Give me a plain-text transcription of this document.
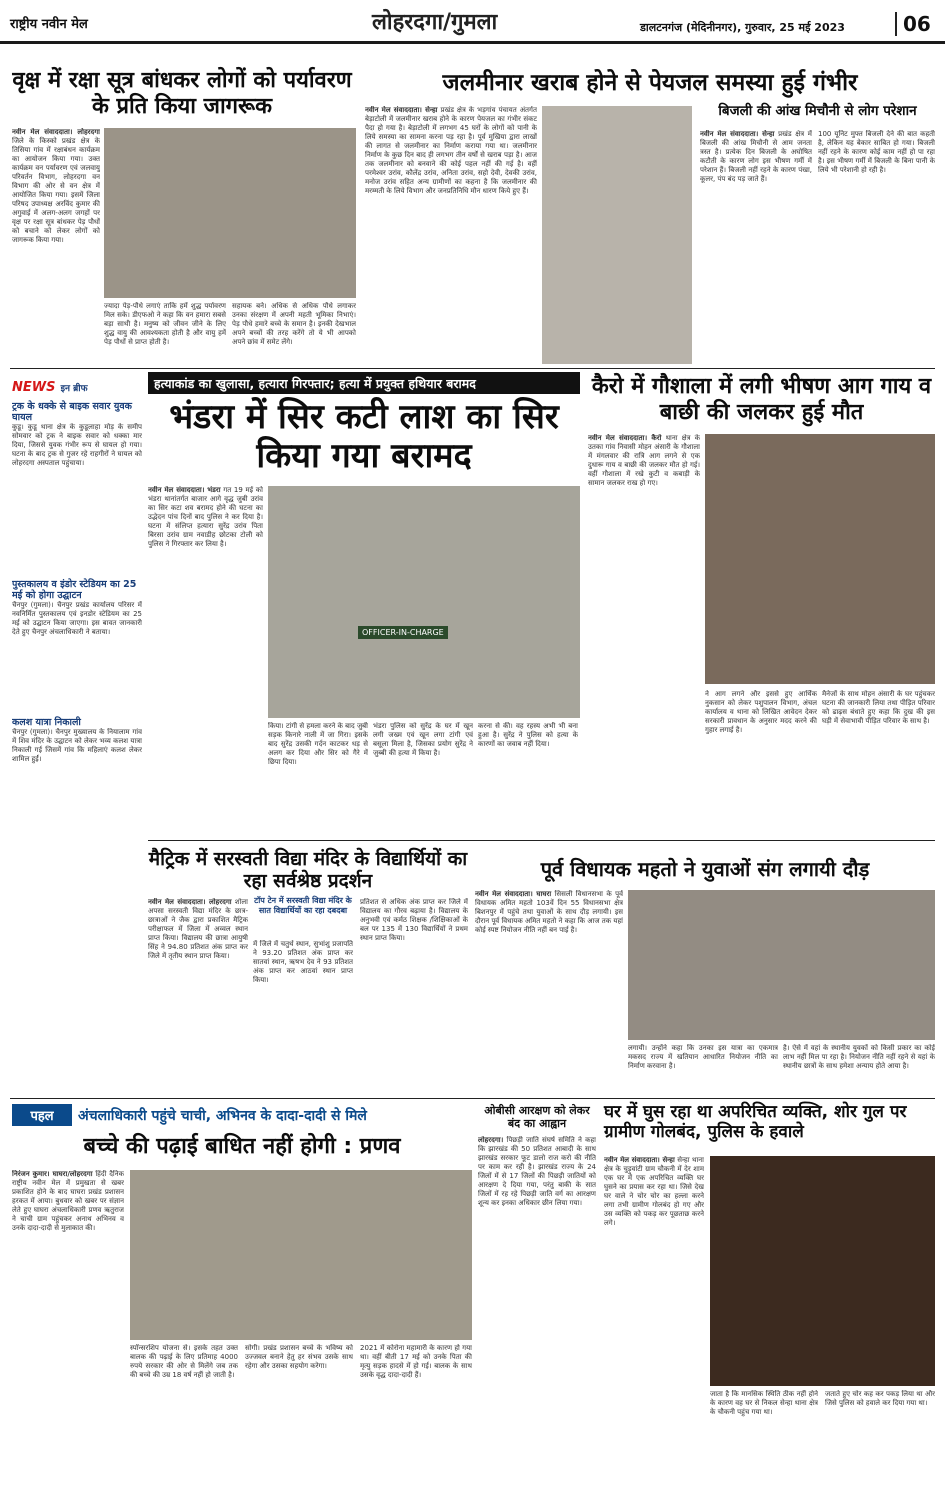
राष्ट्रीय नवीन मेल	लोहरदगा/गुमला	डालटनगंज (मेदिनीनगर), गुरुवार, 25 मई 2023	06
वृक्ष में रक्षा सूत्र बांधकर लोगों को पर्यावरण के प्रति किया जागरूक
नवीन मेल संवाददाता। लोहरदगा जिले के किस्को प्रखंड क्षेत्र के तिसिया गांव में रक्षाबंधन कार्यक्रम का आयोजन किया गया। उक्त कार्यक्रम वन पर्यावरण एवं जलवायु परिवर्तन विभाग, लोहरदगा वन विभाग की ओर से वन क्षेत्र में आयोजित किया गया। इसमें जिला परिषद उपाध्यक्ष अरविंद कुमार की अगुवाई में अलग-अलग जगहों पर वृक्ष पर रक्षा सूत्र बांधकर पेड़ पौधों को बचाने को लेकर लोगों को जागरूक किया गया।
ज्यादा पेड़-पौधे लगाएं ताकि हमें शुद्ध पर्यावरण मिल सके। डीएफओ ने कहा कि वन हमारा सबसे बड़ा साथी है। मनुष्य को जीवन जीने के लिए शुद्ध वायु की आवश्यकता होती है और वायु हमें पेड़ पौधों से प्राप्त होती है।
सहायक बने। अधिक से अधिक पौधे लगाकर उनका संरक्षण में अपनी महती भूमिका निभाएं। पेड़ पौधे हमारे बच्चे के समान है। इनकी देखभाल अपने बच्चों की तरह करेंगे तो ये भी आपको अपने छांव में समेट लेंगे।
जलमीनार खराब होने से पेयजल समस्या हुई गंभीर
नवीन मेल संवाददाता। सेन्हा प्रखंड क्षेत्र के भड़गांव पंचायत अंतर्गत बेड़ाटोली में जलमीनार खराब होने के कारण पेयजल का गंभीर संकट पैदा हो गया है। बेड़ाटोली में लगभग 45 घरों के लोगों को पानी के लिये समस्या का सामना करना पड़ रहा है। पूर्व मुखिया द्वारा लाखों की लागत से जलमीनार का निर्माण कराया गया था। जलमीनार निर्माण के कुछ दिन बाद ही लगभग तीन वर्षों से खराब पड़ा है। आज तक जलमीनार को बनवाने की कोई पहल नहीं की गई है। वहीं परमेश्वर उरांव, कौलेंद्र उरांव, अनिता उरांव, सहो देवी, देवकी उरांव, मनोज उरांव सहित अन्य ग्रामीणों का कहना है कि जलमीनार की मरम्मती के लिये विभाग और जनप्रतिनिधि मौन धारण किये हुए हैं।
बिजली की आंख मिचौनी से लोग परेशान
नवीन मेल संवाददाता। सेन्हा प्रखंड क्षेत्र में बिजली की आंख मिचौनी से आम जनता त्रस्त है। प्रत्येक दिन बिजली के अघोषित कटौती के कारण लोग इस भीषण गर्मी में परेशान हैं। बिजली नहीं रहने के कारण पंखा, कूलर, पंप बंद पड़ जाते हैं।
100 यूनिट मुफ्त बिजली देने की बात कहती है, लेकिन यह बेकार साबित हो गया। बिजली नहीं रहने के कारण कोई काम नहीं हो पा रहा है। इस भीषण गर्मी में बिजली के बिना पानी के लिये भी परेशानी हो रही है।
NEWS इन ब्रीफ
ट्रक के धक्के से बाइक सवार युवक घायल
कुडू। कुडू थाना क्षेत्र के कुडूलाहा मोड़ के समीप सोमवार को ट्रक ने बाइक सवार को धक्का मार दिया, जिससे युवक गंभीर रूप से घायल हो गया। घटना के बाद ट्रक से गुजर रहे राहगीरों ने घायल को लोहरदगा अस्पताल पहुंचाया।
पुस्तकालय व इंडोर स्टेडियम का 25 मई को होगा उद्घाटन
चैनपुर (गुमला)। चैनपुर प्रखंड कार्यालय परिसर में नवनिर्मित पुस्तकालय एवं इनडोर स्टेडियम का 25 मई को उद्घाटन किया जाएगा। इस बावत जानकारी देते हुए चैनपुर अंचलाधिकारी ने बताया।
कलश यात्रा निकाली
चैनपुर (गुमला)। चैनपुर मुख्यालय के नियालाम गांव में शिव मंदिर के उद्घाटन को लेकर भव्य कलश यात्रा निकाली गई जिसमें गांव कि महिलाएं कलश लेकर शामिल हुईं।
हत्याकांड का खुलासा, हत्यारा गिरफ्तार; हत्या में प्रयुक्त हथियार बरामद
भंडरा में सिर कटी लाश का सिर किया गया बरामद
नवीन मेल संवाददाता। भंडरा गत 19 मई को भंडरा थानांतर्गत बाजार आगे वृद्ध जुबी उरांव का सिर कटा शव बरामद होने की घटना का उद्भेदन पांच दिनों बाद पुलिस ने कर दिया है। घटना में संलिप्त हत्यारा सुरेंद्र उरांव पिता बिरसा उरांव ग्राम नवाडीह छोटका टोली को पुलिस ने गिरफ्तार कर लिया है।
OFFICER-IN-CHARGE
किया। टांगी से हमला करने के बाद जुबी सड़क किनारे नाली में जा गिरा। इसके बाद सुरेंद्र उसकी गर्दन काटकर धड़ से अलग कर दिया और सिर को गैरे में छिपा दिया।
भंडरा पुलिस को सुरेंद्र के घर में खून लगी जख्म एवं खून लगा टांगी एवं बसूला मिला है, जिसका प्रयोग सुरेंद्र ने जुब्बी की हत्या में किया है।
करना से की। वह रहस्य अभी भी बना हुआ है। सुरेंद्र ने पुलिस को हत्या के कारणों का जवाब नहीं दिया।
कैरो में गौशाला में लगी भीषण आग गाय व बाछी की जलकर हुई मौत
नवीन मेल संवाददाता। कैरो थाना क्षेत्र के उतका गांव निवासी मोहन अंसारी के गौशाला में मंगलवार की रात्रि आग लगने से एक दुधारू गाय व बाछी की जलकर मौत हो गई। वहीं गौशाला में रखे कुटी व कबाड़ी के सामान जलकर राख हो गए।
ने आग लगने और इससे हुए आर्थिक नुकसान को लेकर पशुपालन विभाग, अंचल कार्यालय व थाना को लिखित आवेदन देकर सरकारी प्रावधान के अनुसार मदद करने की गुहार लगाई है।
मैनेजों के साथ मोहन अंसारी के घर पहुंचकर घटना की जानकारी लिया तथा पीड़ित परिवार को ढाढ़स बंधाते हुए कहा कि दुख की इस घड़ी में सेवाभावी पीड़ित परिवार के साथ है।
मैट्रिक में सरस्वती विद्या मंदिर के विद्यार्थियों का रहा सर्वश्रेष्ठ प्रदर्शन
नवीन मेल संवाददाता। लोहरदगा शोला अपसा सरस्वती विद्या मंदिर के छात्र-छात्राओं ने जैक द्वारा प्रकाशित मैट्रिक परीक्षाफल में जिला में अव्वल स्थान प्राप्त किया। विद्यालय की छात्रा आयुषी सिंह ने 94.80 प्रतिशत अंक प्राप्त कर जिले में तृतीय स्थान प्राप्त किया।
टॉप टेन में सरस्वती विद्या मंदिर के सात विद्यार्थियों का रहा दबदबा
में जिले में चतुर्थ स्थान, सुभांशु प्रजापति ने 93.20 प्रतिशत अंक प्राप्त कर सातवां स्थान, ऋषभ देव ने 93 प्रतिशत अंक प्राप्त कर आठवां स्थान प्राप्त किया।
प्रतिशत से अधिक अंक प्राप्त कर जिले में विद्यालय का गौरव बढ़ाया है। विद्यालय के अनुभवी एवं कर्मठ शिक्षक /शिक्षिकाओं के बल पर 135 में 130 विद्यार्थियों ने प्रथम स्थान प्राप्त किया।
पूर्व विधायक महतो ने युवाओं संग लगायी दौड़
नवीन मेल संवाददाता। घाघरा सिसली विधानसभा के पूर्व विधायक अमित महतो 103वें दिन 55 विधानसभा क्षेत्र बिशनपुर में पहुंचे तथा युवाओं के साथ दौड़ लगायी। इस दौरान पूर्व विधायक अमित महतो ने कहा कि आज तक यहां कोई स्पष्ट नियोजन नीति नहीं बन पाई है।
लगायी। उन्होंने कहा कि उनका इस यात्रा का एकमात्र मकसद राज्य में खतियान आधारित नियोजन नीति का निर्माण करवाना है।
है। ऐसे में वहां के स्थानीय युवकों को किसी प्रकार का कोई लाभ नहीं मिल पा रहा है। नियोजन नीति नहीं रहने से यहां के स्थानीय छात्रों के साथ हमेशा अन्याय होते आया है।
पहल	अंचलाधिकारी पहुंचे चाची, अभिनव के दादा-दादी से मिले
बच्चे की पढ़ाई बाधित नहीं होगी : प्रणव
निरंजन कुमार। घाघरा/लोहरदगा हिंदी दैनिक राष्ट्रीय नवीन मेल में प्रमुखता से खबर प्रकाशित होने के बाद घाघरा प्रखंड प्रशासन हरकत में आया। बुधवार को खबर पर संज्ञान लेते हुए घाघरा अंचलाधिकारी प्रणव ऋतुराज ने चाची ग्राम पहुंचकर अनाथ अभिनव व उनके दादा-दादी से मुलाकात की।
स्पॉन्सरशिप योजना से। इसके तहत उक्त बालक की पढ़ाई के लिए प्रतिमाह 4000 रुपये सरकार की ओर से मिलेंगे जब तक की बच्चे की उम्र 18 वर्ष नहीं हो जाती है।
सोगी। प्रखंड प्रशासन बच्चे के भविष्य को उज्जवल बनाने हेतु हर संभव उसके साथ रहेगा और उसका सहयोग करेगा।
2021 में कोरोना महामारी के कारण हो गया था। वहीं बीती 17 मई को उनके पिता की मृत्यु सड़क हादसे में हो गई। बालक के साथ उसके वृद्ध दादा-दादी हैं।
ओबीसी आरक्षण को लेकर बंद का आह्वान
लोहरदगा। पिछड़ी जाति संघर्ष समिति ने कहा कि झारखंड की 50 प्रतिशत आबादी के साथ झारखंड सरकार फूट डालो राज करो की नीति पर काम कर रही है। झारखंड राज्य के 24 जिलों में से 17 जिलों की पिछड़ी जातियों को आरक्षण दे दिया गया, परंतु बाकी के सात जिलों में रह रहे पिछड़ी जाति वर्ग का आरक्षण शून्य कर इनका अधिकार छीन लिया गया।
घर में घुस रहा था अपरिचित व्यक्ति, शोर गुल पर ग्रामीण गोलबंद, पुलिस के हवाले
नवीन मेल संवाददाता। सेन्हा सेन्हा थाना क्षेत्र के चुड़ुवांटी ग्राम चौकनी में देर शाम एक घर में एक अपरिचित व्यक्ति घर घुसने का प्रयास कर रहा था। जिसे देख घर वाले ने चोर चोर का हल्ला करने लगा तभी ग्रामीण गोलबंद हो गए और उस व्यक्ति को पकड़ कर पूछताछ करने लगे।
जाता है कि मानसिक स्थिति ठीक नहीं होने के कारण वह घर से निकल सेन्हा थाना क्षेत्र के चौकनी पहुंच गया था।
जताते हुए चोर कह कर पकड़ लिया था और जिसे पुलिस को हवाले कर दिया गया था।
